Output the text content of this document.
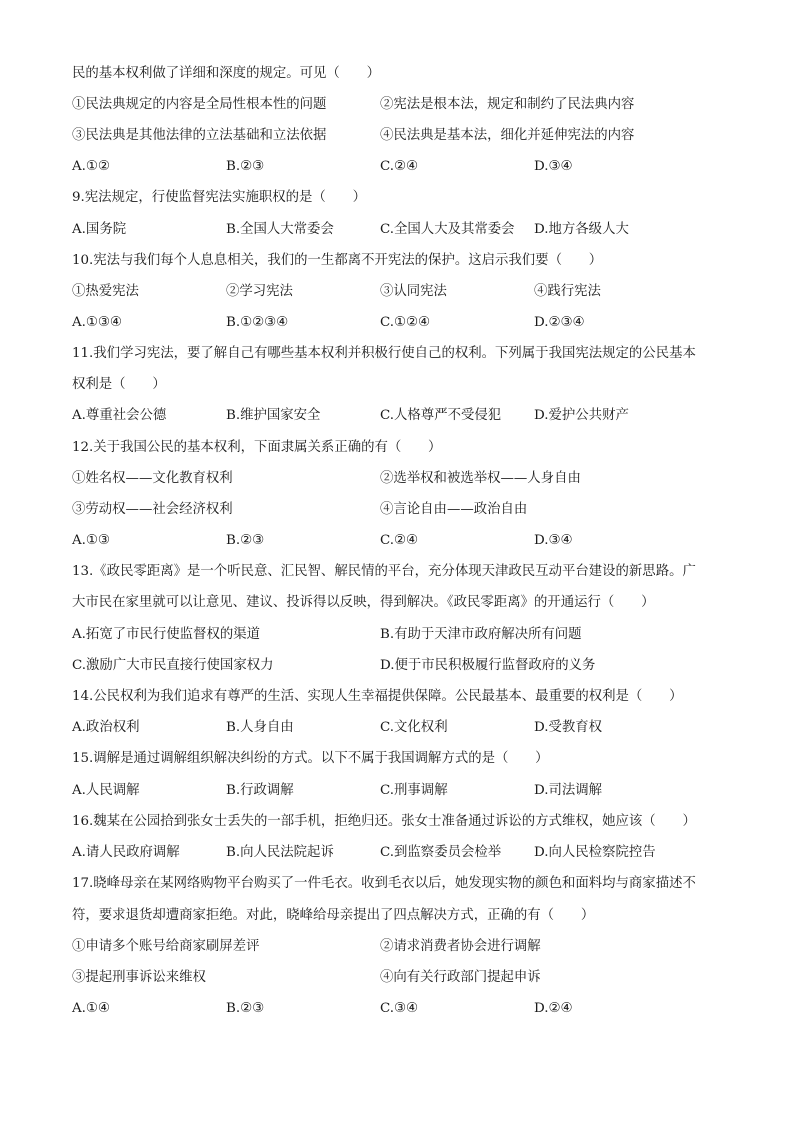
民的基本权利做了详细和深度的规定。可见（　　）
①民法典规定的内容是全局性根本性的问题	②宪法是根本法，规定和制约了民法典内容
③民法典是其他法律的立法基础和立法依据	④民法典是基本法，细化并延伸宪法的内容
A.①②	B.②③	C.②④	D.③④
9.宪法规定，行使监督宪法实施职权的是（　　）
A.国务院	B.全国人大常委会	C.全国人大及其常委会 D.地方各级人大
10.宪法与我们每个人息息相关，我们的一生都离不开宪法的保护。这启示我们要（　　）
①热爱宪法	②学习宪法	③认同宪法	④践行宪法
A.①③④	B.①②③④	C.①②④	D.②③④
11.我们学习宪法，要了解自己有哪些基本权利并积极行使自己的权利。下列属于我国宪法规定的公民基本
权利是（　　）
A.尊重社会公德	B.维护国家安全	C.人格尊严不受侵犯 D.爱护公共财产
12.关于我国公民的基本权利，下面隶属关系正确的有（　　）
①姓名权——文化教育权利	②选举权和被选举权——人身自由
③劳动权——社会经济权利	④言论自由——政治自由
A.①③	B.②③	C.②④	D.③④
13.《政民零距离》是一个听民意、汇民智、解民情的平台，充分体现天津政民互动平台建设的新思路。广
大市民在家里就可以让意见、建议、投诉得以反映，得到解决。《政民零距离》的开通运行（　　）
A.拓宽了市民行使监督权的渠道	B.有助于天津市政府解决所有问题
C.激励广大市民直接行使国家权力	D.便于市民积极履行监督政府的义务
14.公民权利为我们追求有尊严的生活、实现人生幸福提供保障。公民最基本、最重要的权利是（　　）
A.政治权利	B.人身自由	C.文化权利	D.受教育权
15.调解是通过调解组织解决纠纷的方式。以下不属于我国调解方式的是（　　）
A.人民调解	B.行政调解	C.刑事调解	D.司法调解
16.魏某在公园拾到张女士丢失的一部手机，拒绝归还。张女士准备通过诉讼的方式维权，她应该（　　）
A.请人民政府调解	B.向人民法院起诉	C.到监察委员会检举 D.向人民检察院控告
17.晓峰母亲在某网络购物平台购买了一件毛衣。收到毛衣以后，她发现实物的颜色和面料均与商家描述不
符，要求退货却遭商家拒绝。对此，晓峰给母亲提出了四点解决方式，正确的有（　　）
①申请多个账号给商家刷屏差评	②请求消费者协会进行调解
③提起刑事诉讼来维权	④向有关行政部门提起申诉
A.①④	B.②③	C.③④	D.②④
